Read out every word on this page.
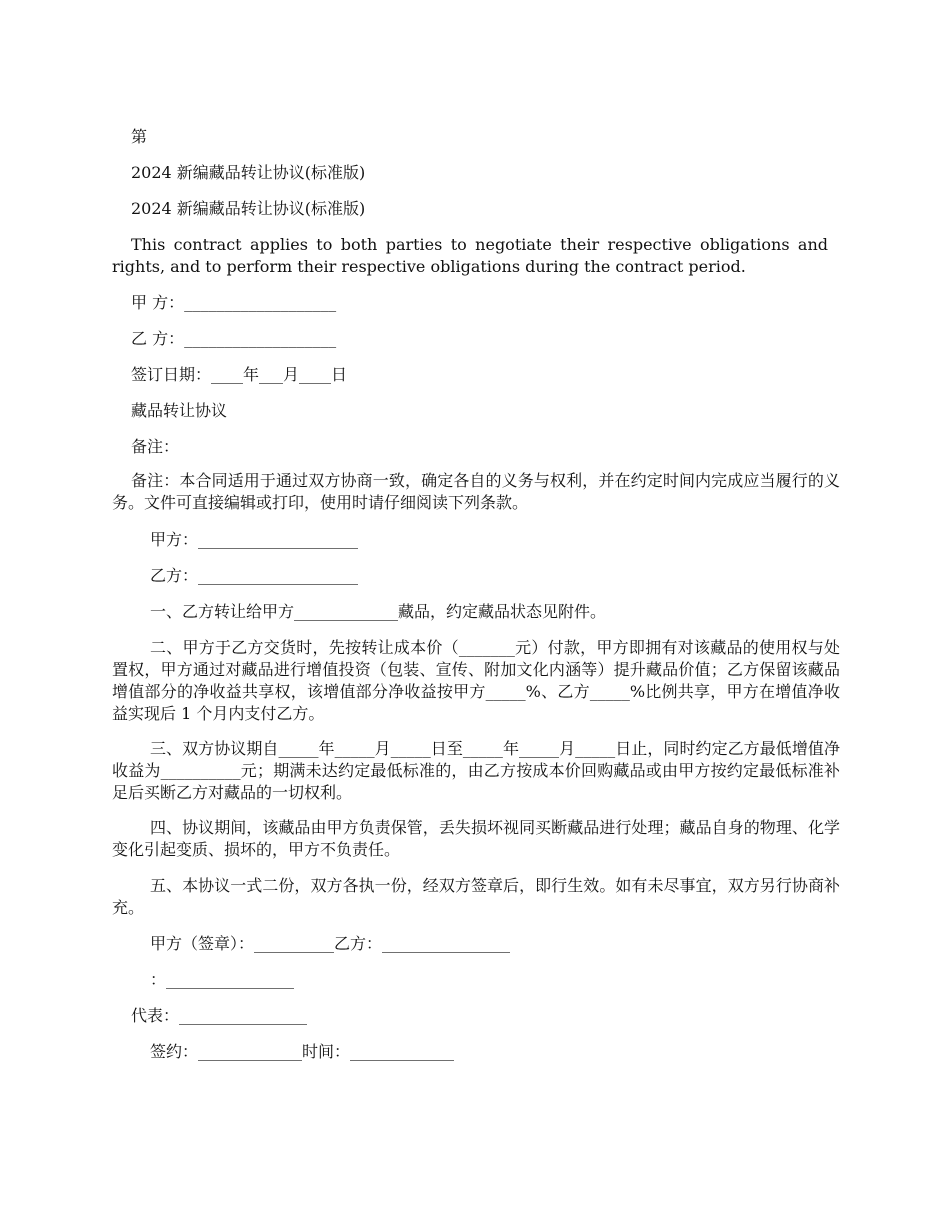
第

2024 新编藏品转让协议(标准版)

2024 新编藏品转让协议(标准版)

This contract applies to both parties to negotiate their respective obligations and rights, and to perform their respective obligations during the contract period.

甲 方：___________________

乙 方：___________________

签订日期：____年___月____日

藏品转让协议

备注：

备注：本合同适用于通过双方协商一致，确定各自的义务与权利，并在约定时间内完成应当履行的义务。文件可直接编辑或打印，使用时请仔细阅读下列条款。

甲方：____________________

乙方：____________________

一、乙方转让给甲方_____________藏品，约定藏品状态见附件。

二、甲方于乙方交货时，先按转让成本价（_______元）付款，甲方即拥有对该藏品的使用权与处置权，甲方通过对藏品进行增值投资（包装、宣传、附加文化内涵等）提升藏品价值；乙方保留该藏品增值部分的净收益共享权，该增值部分净收益按甲方_____%、乙方_____%比例共享，甲方在增值净收益实现后 1 个月内支付乙方。

三、双方协议期自_____年_____月_____日至_____年_____月_____日止，同时约定乙方最低增值净收益为__________元；期满未达约定最低标准的，由乙方按成本价回购藏品或由甲方按约定最低标准补足后买断乙方对藏品的一切权利。

四、协议期间，该藏品由甲方负责保管，丢失损坏视同买断藏品进行处理；藏品自身的物理、化学变化引起变质、损坏的，甲方不负责任。

五、本协议一式二份，双方各执一份，经双方签章后，即行生效。如有未尽事宜，双方另行协商补充。

甲方（签章）：__________乙方：________________

：________________

代表：________________

签约：_____________时间：_____________
